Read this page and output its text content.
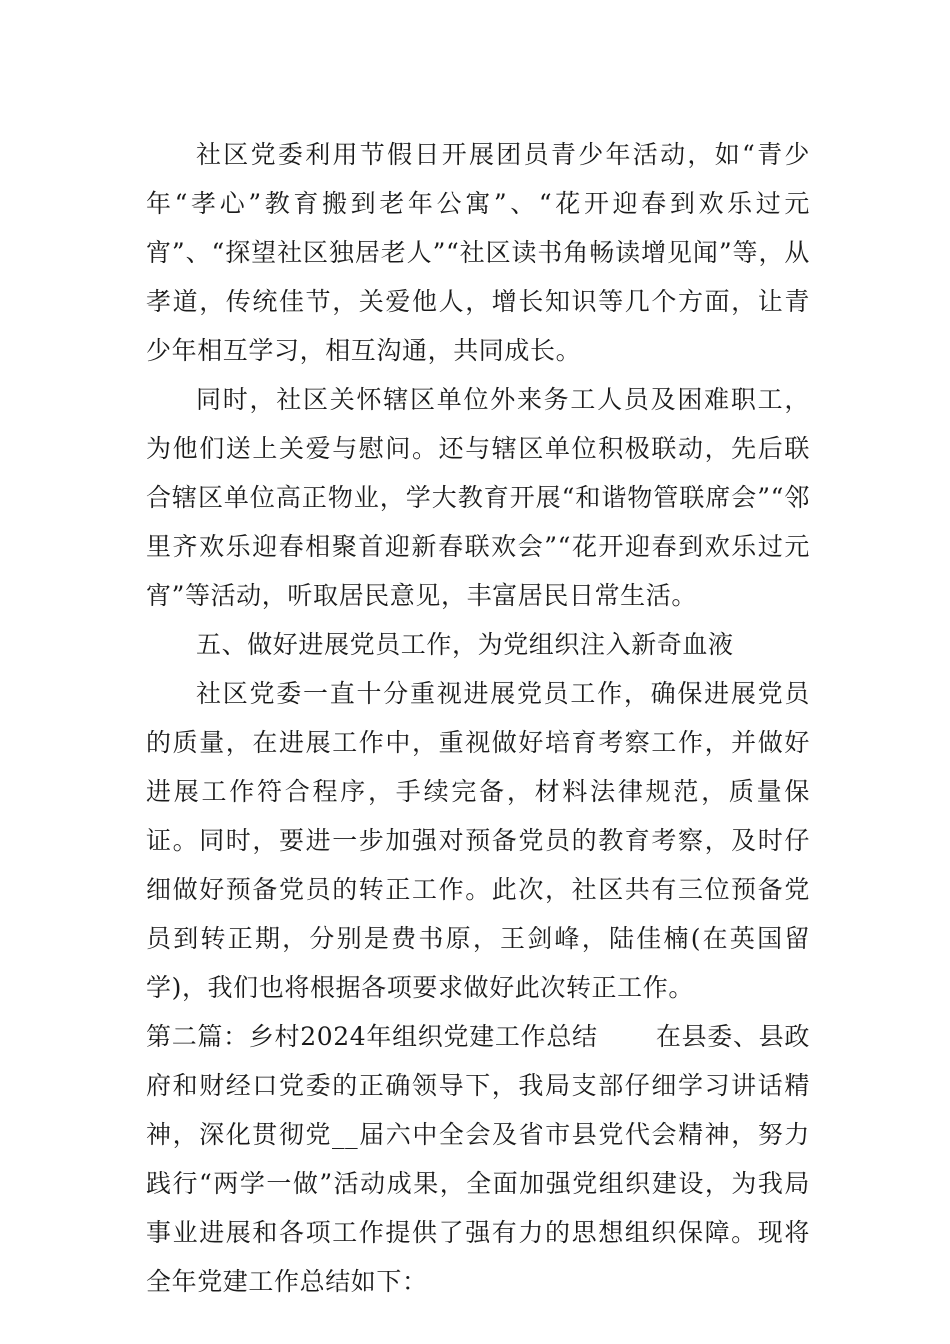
社区党委利用节假日开展团员青少年活动，如“青少年“孝心”教育搬到老年公寓”、“花开迎春到欢乐过元宵”、“探望社区独居老人”“社区读书角畅读增见闻”等，从孝道，传统佳节，关爱他人，增长知识等几个方面，让青少年相互学习，相互沟通，共同成长。

同时，社区关怀辖区单位外来务工人员及困难职工，为他们送上关爱与慰问。还与辖区单位积极联动，先后联合辖区单位高正物业，学大教育开展“和谐物管联席会”“邻里齐欢乐迎春相聚首迎新春联欢会”“花开迎春到欢乐过元宵”等活动，听取居民意见，丰富居民日常生活。

五、做好进展党员工作，为党组织注入新奇血液

社区党委一直十分重视进展党员工作，确保进展党员的质量，在进展工作中，重视做好培育考察工作，并做好进展工作符合程序，手续完备，材料法律规范，质量保证。同时，要进一步加强对预备党员的教育考察，及时仔细做好预备党员的转正工作。此次，社区共有三位预备党员到转正期，分别是费书原，王剑峰，陆佳楠(在英国留学)，我们也将根据各项要求做好此次转正工作。

第二篇：乡村2024年组织党建工作总结 在县委、县政府和财经口党委的正确领导下，我局支部仔细学习讲话精神，深化贯彻党__届六中全会及省市县党代会精神，努力践行“两学一做”活动成果，全面加强党组织建设，为我局事业进展和各项工作提供了强有力的思想组织保障。现将全年党建工作总结如下：
